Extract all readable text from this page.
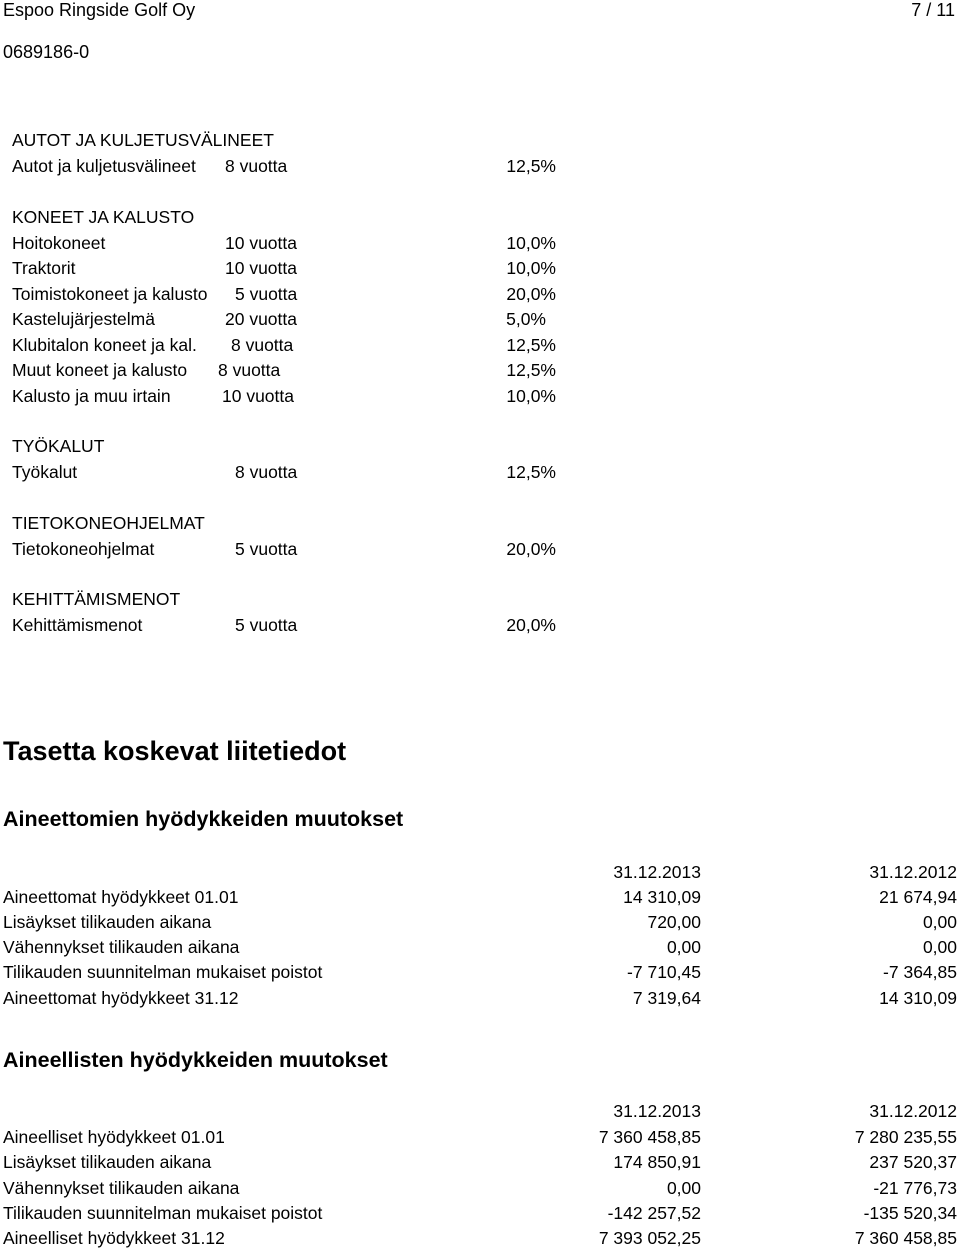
Espoo Ringside Golf Oy	7 / 11
0689186-0
AUTOT JA KULJETUSVÄLINEET
Autot ja kuljetusvälineet 8 vuotta	12,5%
KONEET JA KALUSTO
Hoitokoneet	10 vuotta	10,0%
Traktorit	10 vuotta	10,0%
Toimistokoneet ja kalusto 5 vuotta	20,0%
Kastelujärjestelmä	20 vuotta	5,0%
Klubitalon koneet ja kal. 8 vuotta	12,5%
Muut koneet ja kalusto 8 vuotta	12,5%
Kalusto ja muu irtain	10 vuotta	10,0%
TYÖKALUT
Työkalut	8 vuotta	12,5%
TIETOKONEOHJELMAT
Tietokoneohjelmat	5 vuotta	20,0%
KEHITTÄMISMENOT
Kehittämismenot	5 vuotta	20,0%
Tasetta koskevat liitetiedot
Aineettomien hyödykkeiden muutokset
31.12.2013	31.12.2012
Aineettomat hyödykkeet 01.01	14 310,09	21 674,94
Lisäykset tilikauden aikana	720,00	0,00
Vähennykset tilikauden aikana	0,00	0,00
Tilikauden suunnitelman mukaiset poistot	-7 710,45	-7 364,85
Aineettomat hyödykkeet 31.12	7 319,64	14 310,09
Aineellisten hyödykkeiden muutokset
31.12.2013	31.12.2012
Aineelliset hyödykkeet 01.01	7 360 458,85	7 280 235,55
Lisäykset tilikauden aikana	174 850,91	237 520,37
Vähennykset tilikauden aikana	0,00	-21 776,73
Tilikauden suunnitelman mukaiset poistot	-142 257,52	-135 520,34
Aineelliset hyödykkeet 31.12	7 393 052,25	7 360 458,85
